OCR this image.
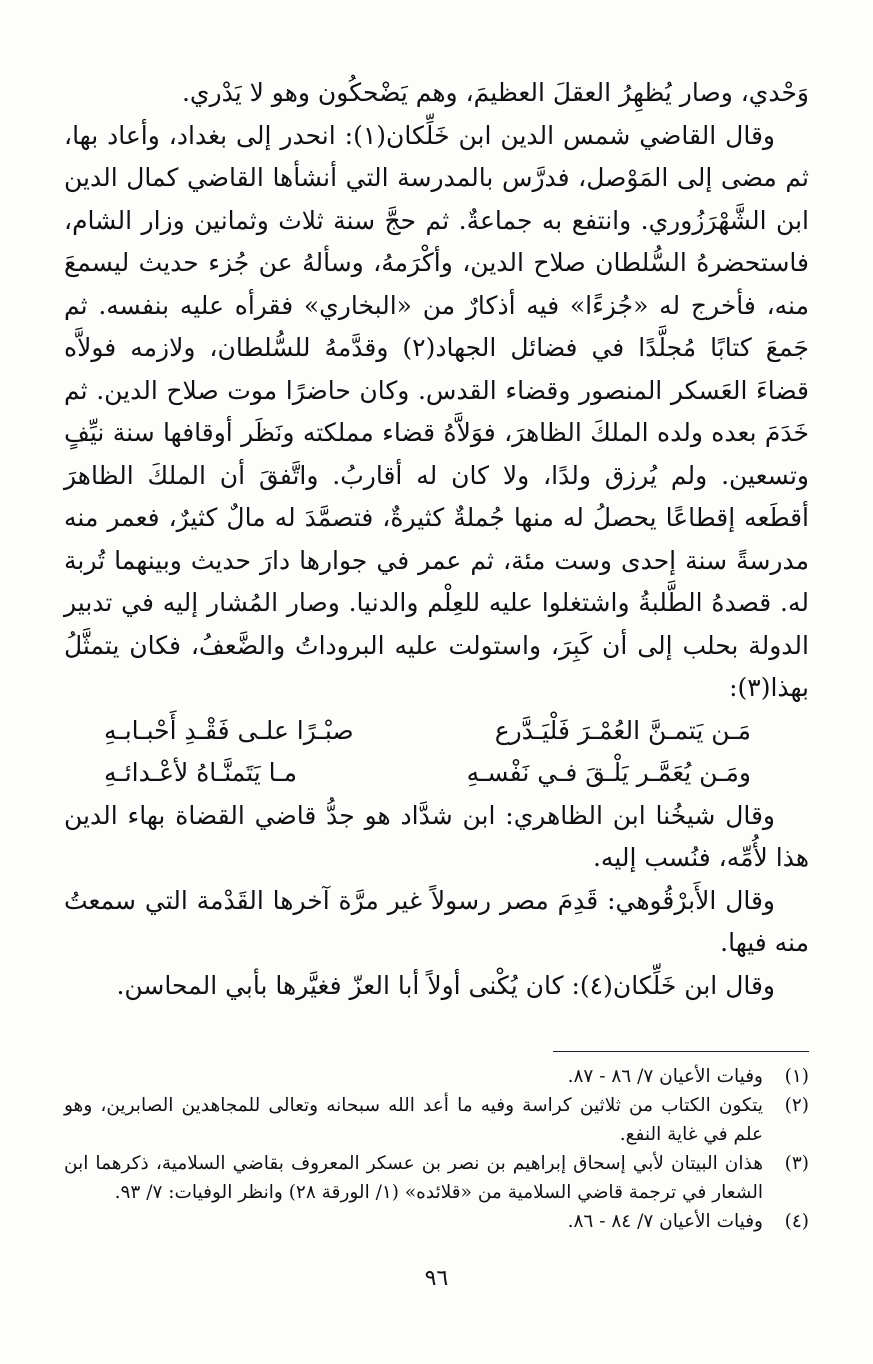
وَحْدي، وصار يُظهِرُ العقلَ العظيمَ، وهم يَضْحكُون وهو لا يَدْري.

وقال القاضي شمس الدين ابن خَلِّكان(١): انحدر إلى بغداد، وأعاد بها، ثم مضى إلى المَوْصل، فدرَّس بالمدرسة التي أنشأها القاضي كمال الدين ابن الشَّهْرَزُوري. وانتفع به جماعةٌ. ثم حجَّ سنة ثلاث وثمانين وزار الشام، فاستحضرهُ السُّلطان صلاح الدين، وأكْرَمهُ، وسألهُ عن جُزء حديث ليسمعَ منه، فأخرج له «جُزءًا» فيه أذكارٌ من «البخاري» فقرأه عليه بنفسه. ثم جَمعَ كتابًا مُجلَّدًا في فضائل الجهاد(٢) وقدَّمهُ للسُّلطان، ولازمه فولاَّه قضاءَ العَسكر المنصور وقضاء القدس. وكان حاضرًا موت صلاح الدين. ثم خَدَمَ بعده ولده الملكَ الظاهرَ، فوَلاَّهُ قضاء مملكته ونَظَر أوقافها سنة نيِّفٍ وتسعين. ولم يُرزق ولدًا، ولا كان له أقاربُ. واتَّفقَ أن الملكَ الظاهرَ أقطَعه إقطاعًا يحصلُ له منها جُملةٌ كثيرةٌ، فتصمَّدَ له مالٌ كثيرٌ، فعمر منه مدرسةً سنة إحدى وست مئة، ثم عمر في جوارها دارَ حديث وبينهما تُربة له. قصدهُ الطَّلبةُ واشتغلوا عليه للعِلْم والدنيا. وصار المُشار إليه في تدبير الدولة بحلب إلى أن كَبِرَ، واستولت عليه البروداتُ والضَّعفُ، فكان يتمثَّلُ بهذا(٣):

مَـن يَتمـنَّ العُمْـرَ فَلْيَـدَّرع
صبْـرًا علـى فَقْـدِ أَحْبـابـهِ
ومَـن يُعَمَّـر يَلْـقَ فـي نَفْسـهِ
مـا يَتَمنَّـاهُ لأعْـدائـهِ

وقال شيخُنا ابن الظاهري: ابن شدَّاد هو جدُّ قاضي القضاة بهاء الدين هذا لأُمِّه، فنُسب إليه.

وقال الأَبرْقُوهي: قَدِمَ مصر رسولاً غير مرَّة آخرها القَدْمة التي سمعتُ منه فيها.

وقال ابن خَلِّكان(٤): كان يُكْنى أولاً أبا العزّ فغيَّرها بأبي المحاسن.

(١)
وفيات الأعيان ٧/ ٨٦ - ٨٧.
(٢)
يتكون الكتاب من ثلاثين كراسة وفيه ما أعد الله سبحانه وتعالى للمجاهدين الصابرين، وهو علم في غاية النفع.
(٣)
هذان البيتان لأبي إسحاق إبراهيم بن نصر بن عسكر المعروف بقاضي السلامية، ذكرهما ابن الشعار في ترجمة قاضي السلامية من «قلائده» (١/ الورقة ٢٨) وانظر الوفيات: ٧/ ٩٣.
(٤)
وفيات الأعيان ٧/ ٨٤ - ٨٦.
٩٦
